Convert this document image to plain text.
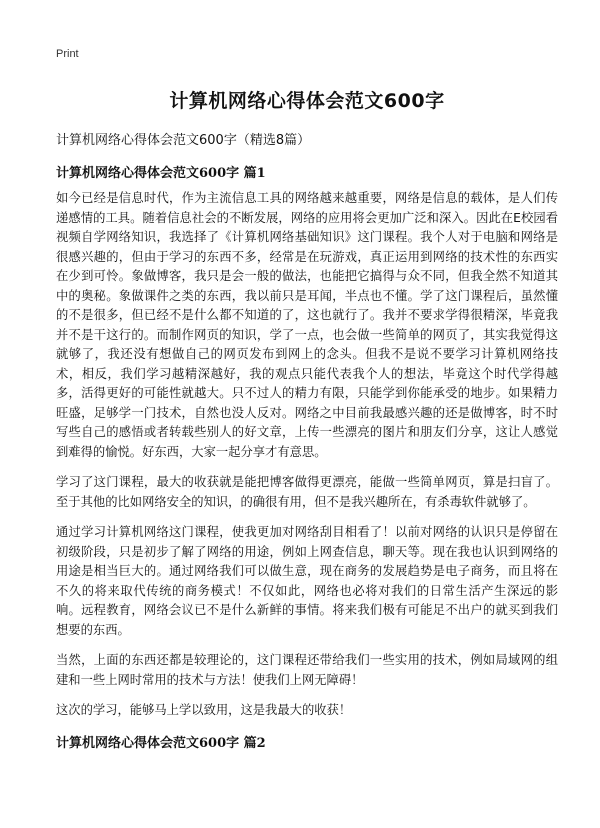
Print
计算机网络心得体会范文600字

计算机网络心得体会范文600字（精选8篇）

计算机网络心得体会范文600字 篇1

如今已经是信息时代，作为主流信息工具的网络越来越重要，网络是信息的载体，是人们传递感情的工具。随着信息社会的不断发展，网络的应用将会更加广泛和深入。因此在E校园看视频自学网络知识，我选择了《计算机网络基础知识》这门课程。我个人对于电脑和网络是很感兴趣的，但由于学习的东西不多，经常是在玩游戏，真正运用到网络的技术性的东西实在少到可怜。象做博客，我只是会一般的做法，也能把它搞得与众不同，但我全然不知道其中的奥秘。象做课件之类的东西，我以前只是耳闻，半点也不懂。学了这门课程后，虽然懂的不是很多，但已经不是什么都不知道的了，这也就行了。我并不要求学得很精深，毕竟我并不是干这行的。而制作网页的知识，学了一点，也会做一些简单的网页了，其实我觉得这就够了，我还没有想做自己的网页发布到网上的念头。但我不是说不要学习计算机网络技术，相反，我们学习越精深越好，我的观点只能代表我个人的想法，毕竟这个时代学得越多，活得更好的可能性就越大。只不过人的精力有限，只能学到你能承受的地步。如果精力旺盛，足够学一门技术，自然也没人反对。网络之中目前我最感兴趣的还是做博客，时不时写些自己的感悟或者转载些别人的好文章，上传一些漂亮的图片和朋友们分享，这让人感觉到难得的愉悦。好东西，大家一起分享才有意思。

学习了这门课程，最大的收获就是能把博客做得更漂亮，能做一些简单网页，算是扫盲了。至于其他的比如网络安全的知识，的确很有用，但不是我兴趣所在，有杀毒软件就够了。

通过学习计算机网络这门课程，使我更加对网络刮目相看了！以前对网络的认识只是停留在初级阶段，只是初步了解了网络的用途，例如上网查信息，聊天等。现在我也认识到网络的用途是相当巨大的。通过网络我们可以做生意，现在商务的发展趋势是电子商务，而且将在不久的将来取代传统的商务模式！不仅如此，网络也必将对我们的日常生活产生深远的影响。远程教育，网络会议已不是什么新鲜的事情。将来我们极有可能足不出户的就买到我们想要的东西。

当然，上面的东西还都是较理论的，这门课程还带给我们一些实用的技术，例如局域网的组建和一些上网时常用的技术与方法！使我们上网无障碍！

这次的学习，能够马上学以致用，这是我最大的收获！

计算机网络心得体会范文600字 篇2
